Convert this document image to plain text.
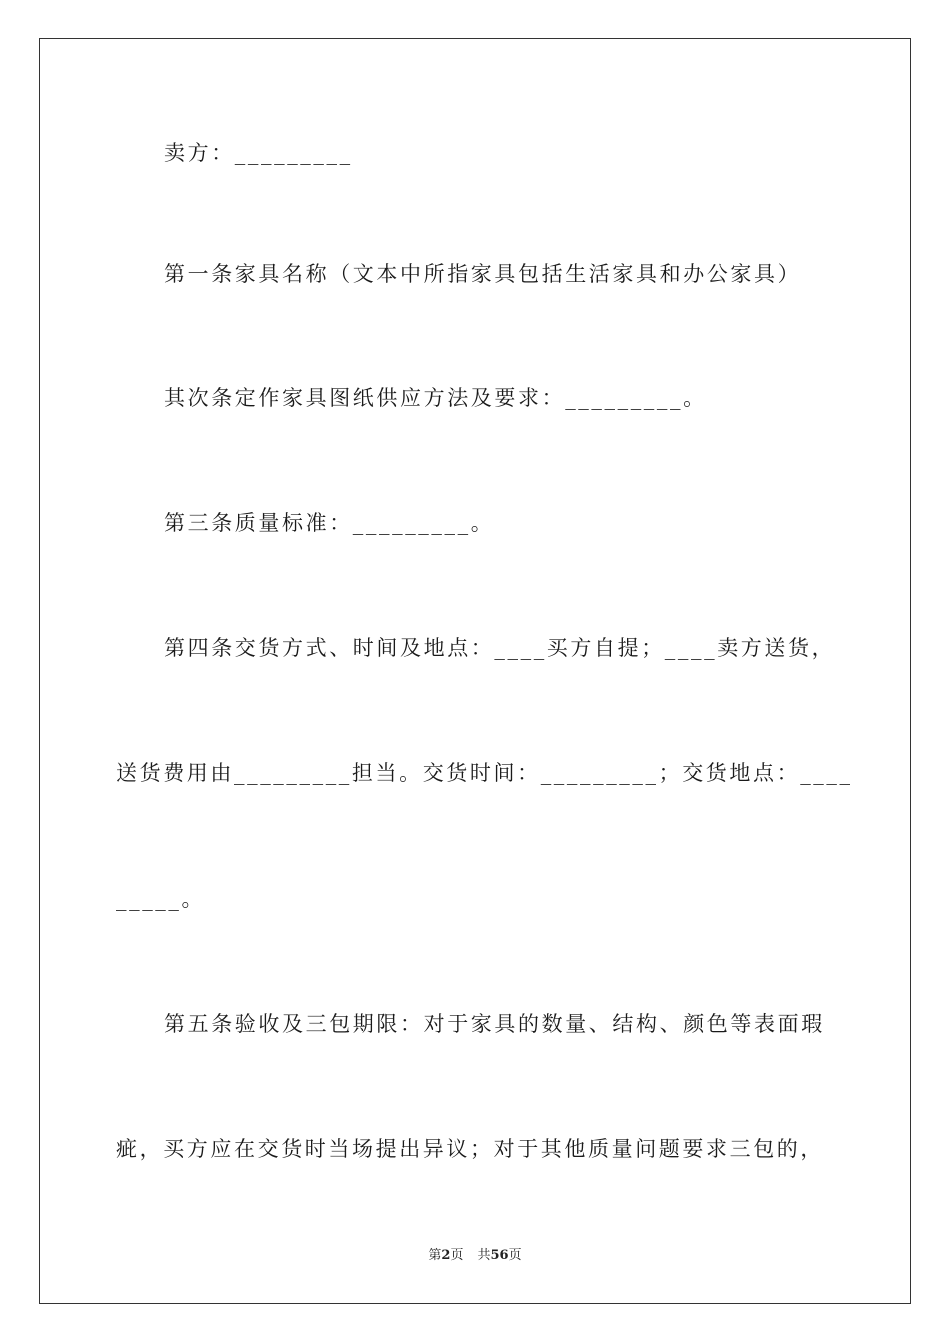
卖方：_________
第一条家具名称（文本中所指家具包括生活家具和办公家具）
其次条定作家具图纸供应方法及要求：_________。
第三条质量标准：_________。
第四条交货方式、时间及地点：____买方自提；____卖方送货，
送货费用由_________担当。交货时间：_________；交货地点：____
_____。
第五条验收及三包期限：对于家具的数量、结构、颜色等表面瑕
疵，买方应在交货时当场提出异议；对于其他质量问题要求三包的，
第2页 共56页
